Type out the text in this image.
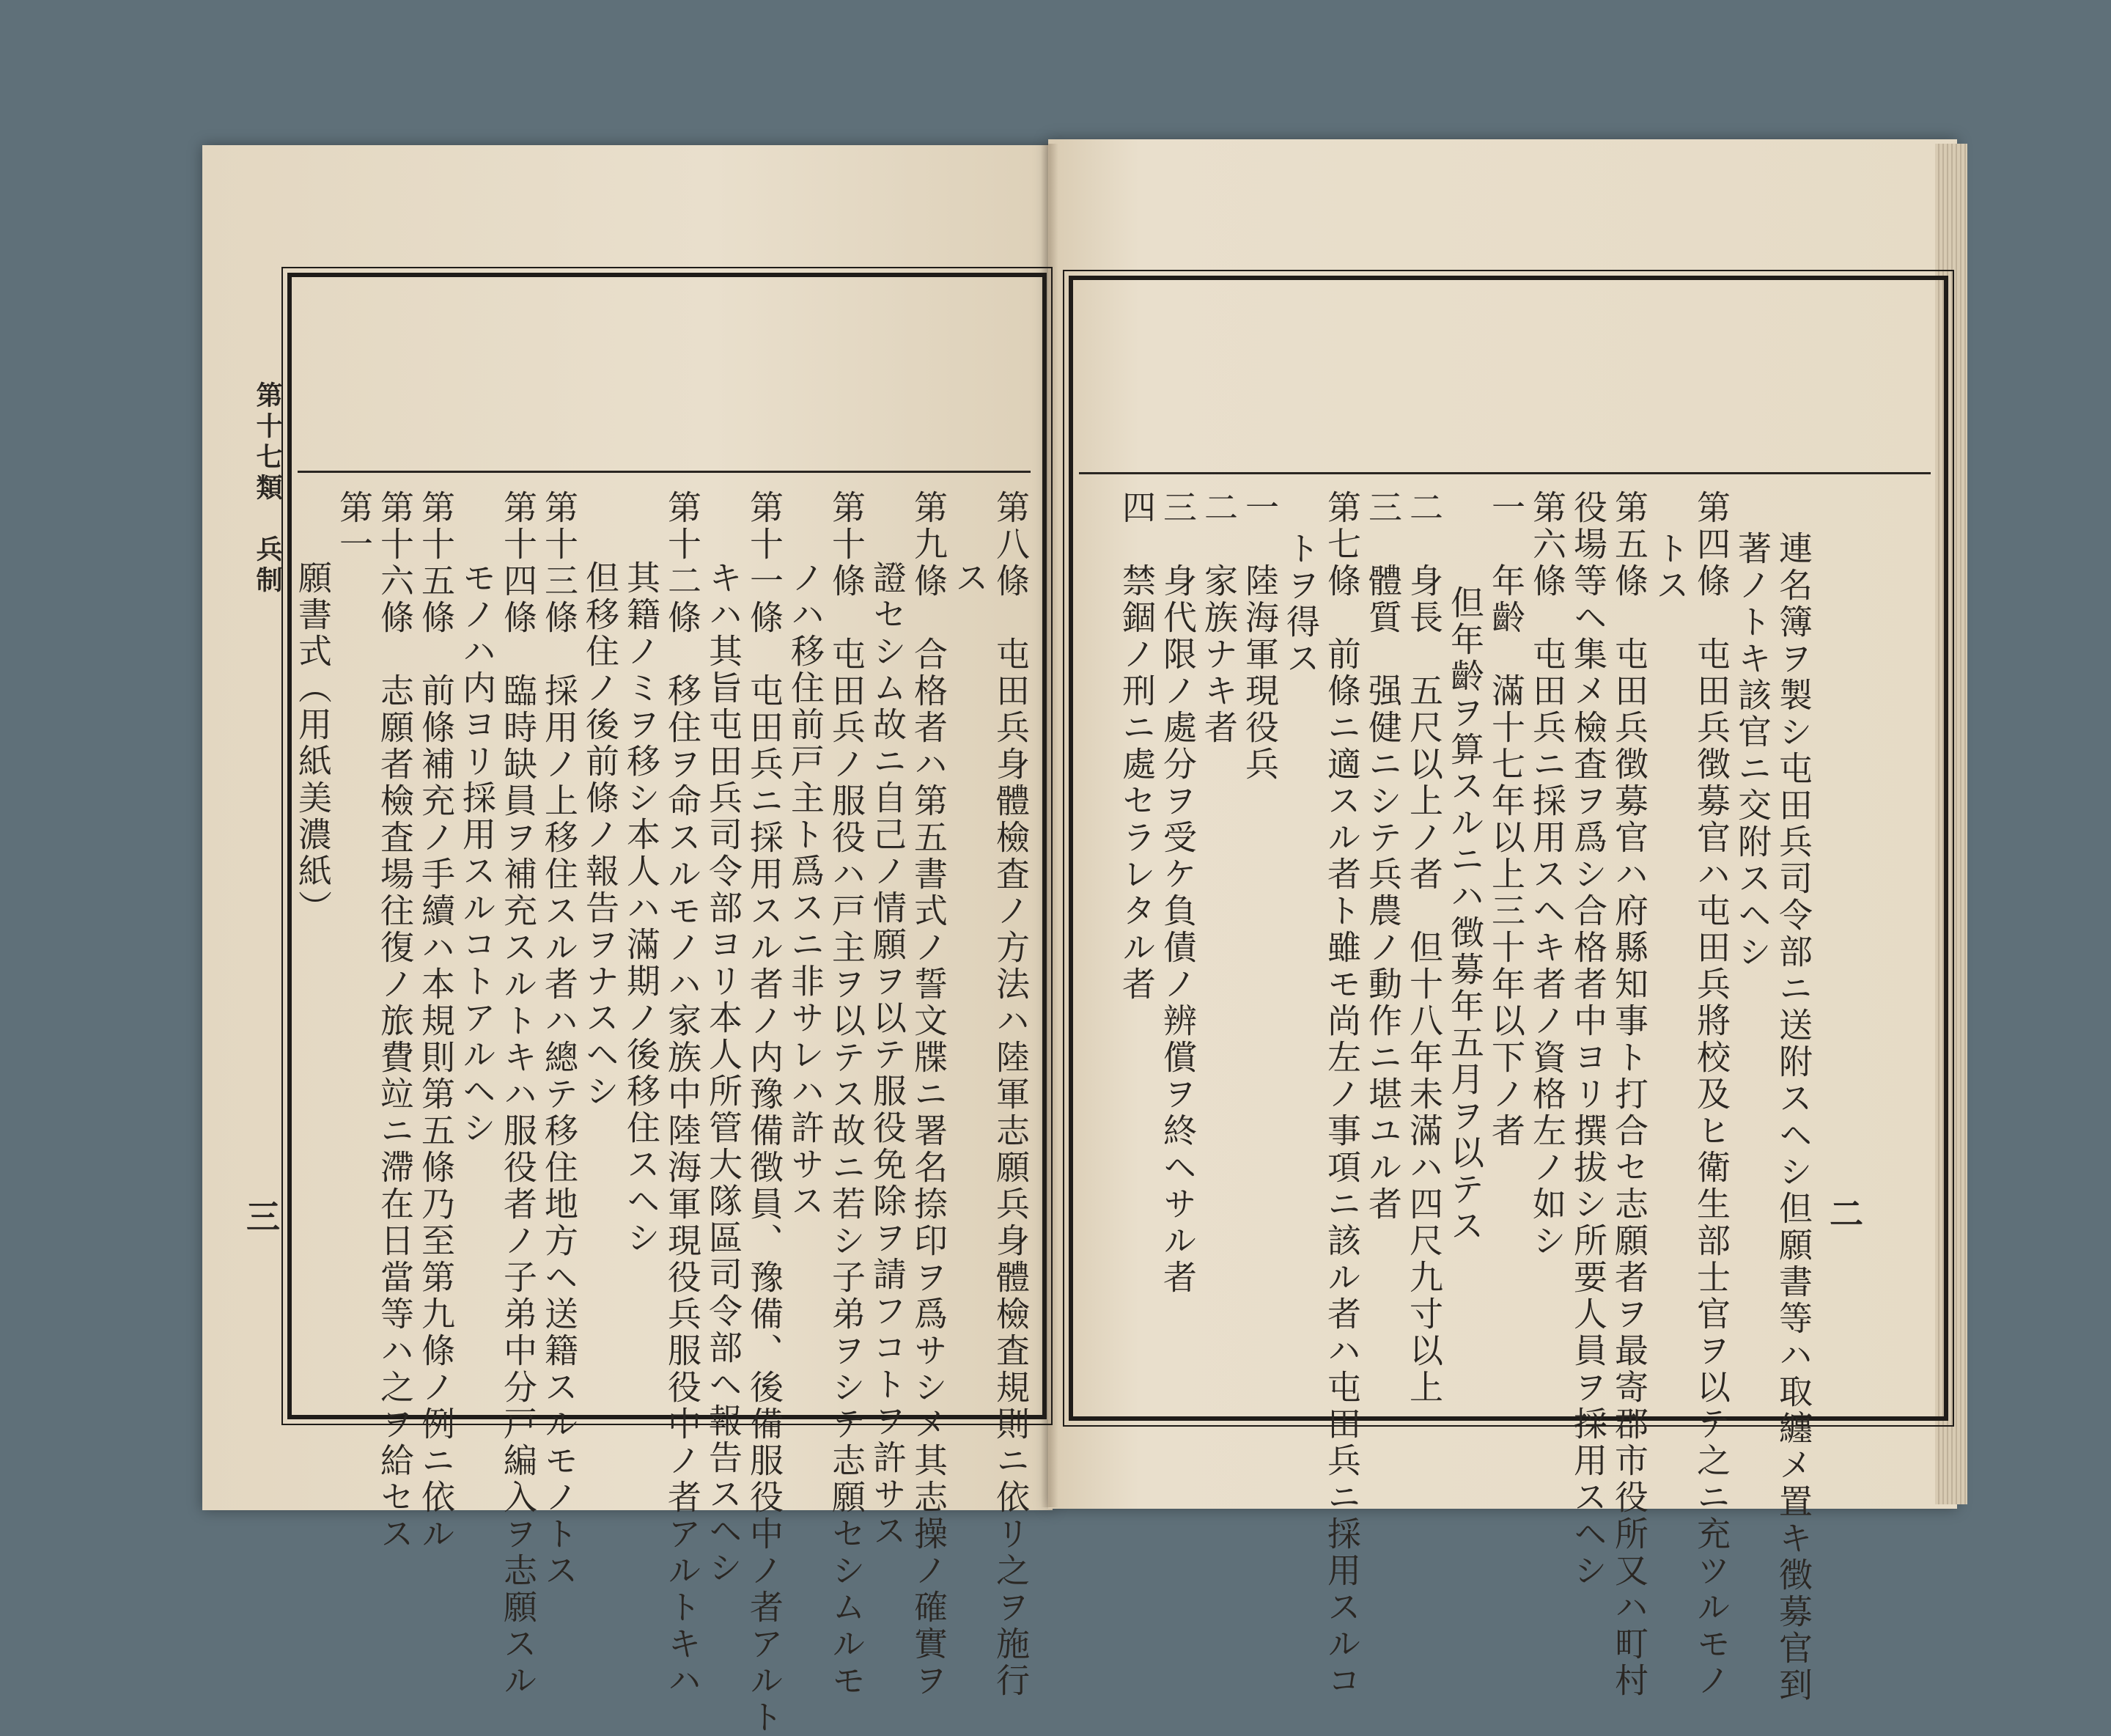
第十七類　兵制
三	二
第八條　屯田兵身體檢査ノ方法ハ陸軍志願兵身體檢査規則ニ依リ之ヲ施行
ス
第九條　合格者ハ第五書式ノ誓文牒ニ署名捺印ヲ爲サシメ其志操ノ確實ヲ
證セシム故ニ自己ノ情願ヲ以テ服役免除ヲ請フコトヲ許サス
第十條　屯田兵ノ服役ハ戸主ヲ以テス故ニ若シ子弟ヲシテ志願セシムルモ
ノハ移住前戸主ト爲スニ非サレハ許サス
第十一條　屯田兵ニ採用スル者ノ内豫備徴員、豫備、後備服役中ノ者アルト
キハ其旨屯田兵司令部ヨリ本人所管大隊區司令部ヘ報告スヘシ
第十二條　移住ヲ命スルモノハ家族中陸海軍現役兵服役中ノ者アルトキハ
其籍ノミヲ移シ本人ハ滿期ノ後移住スヘシ
但移住ノ後前條ノ報告ヲナスヘシ
第十三條　採用ノ上移住スル者ハ總テ移住地方ヘ送籍スルモノトス
第十四條　臨時缺員ヲ補充スルトキハ服役者ノ子弟中分戸編入ヲ志願スル
モノハ内ヨリ採用スルコトアルヘシ
第十五條　前條補充ノ手續ハ本規則第五條乃至第九條ノ例ニ依ル
第十六條　志願者檢査場往復ノ旅費竝ニ滯在日當等ハ之ヲ給セス
第一
願書式（用紙美濃紙）	連名簿ヲ製シ屯田兵司令部ニ送附スヘシ但願書等ハ取纏メ置キ徴募官到
著ノトキ該官ニ交附スヘシ
第四條　屯田兵徴募官ハ屯田兵將校及ヒ衛生部士官ヲ以テ之ニ充ツルモノ
トス
第五條　屯田兵徴募官ハ府縣知事ト打合セ志願者ヲ最寄郡市役所又ハ町村
役場等ヘ集メ檢査ヲ爲シ合格者中ヨリ撰拔シ所要人員ヲ採用スヘシ
第六條　屯田兵ニ採用スヘキ者ノ資格左ノ如シ
一　年齡　滿十七年以上三十年以下ノ者
但年齡ヲ算スルニハ徴募年五月ヲ以テス
二　身長　五尺以上ノ者　但十八年未滿ハ四尺九寸以上
三　體質　强健ニシテ兵農ノ動作ニ堪ユル者
第七條　前條ニ適スル者ト雖モ尚左ノ事項ニ該ル者ハ屯田兵ニ採用スルコ
トヲ得ス
一　陸海軍現役兵
二　家族ナキ者
三　身代限ノ處分ヲ受ケ負債ノ辨償ヲ終ヘサル者
四　禁錮ノ刑ニ處セラレタル者
